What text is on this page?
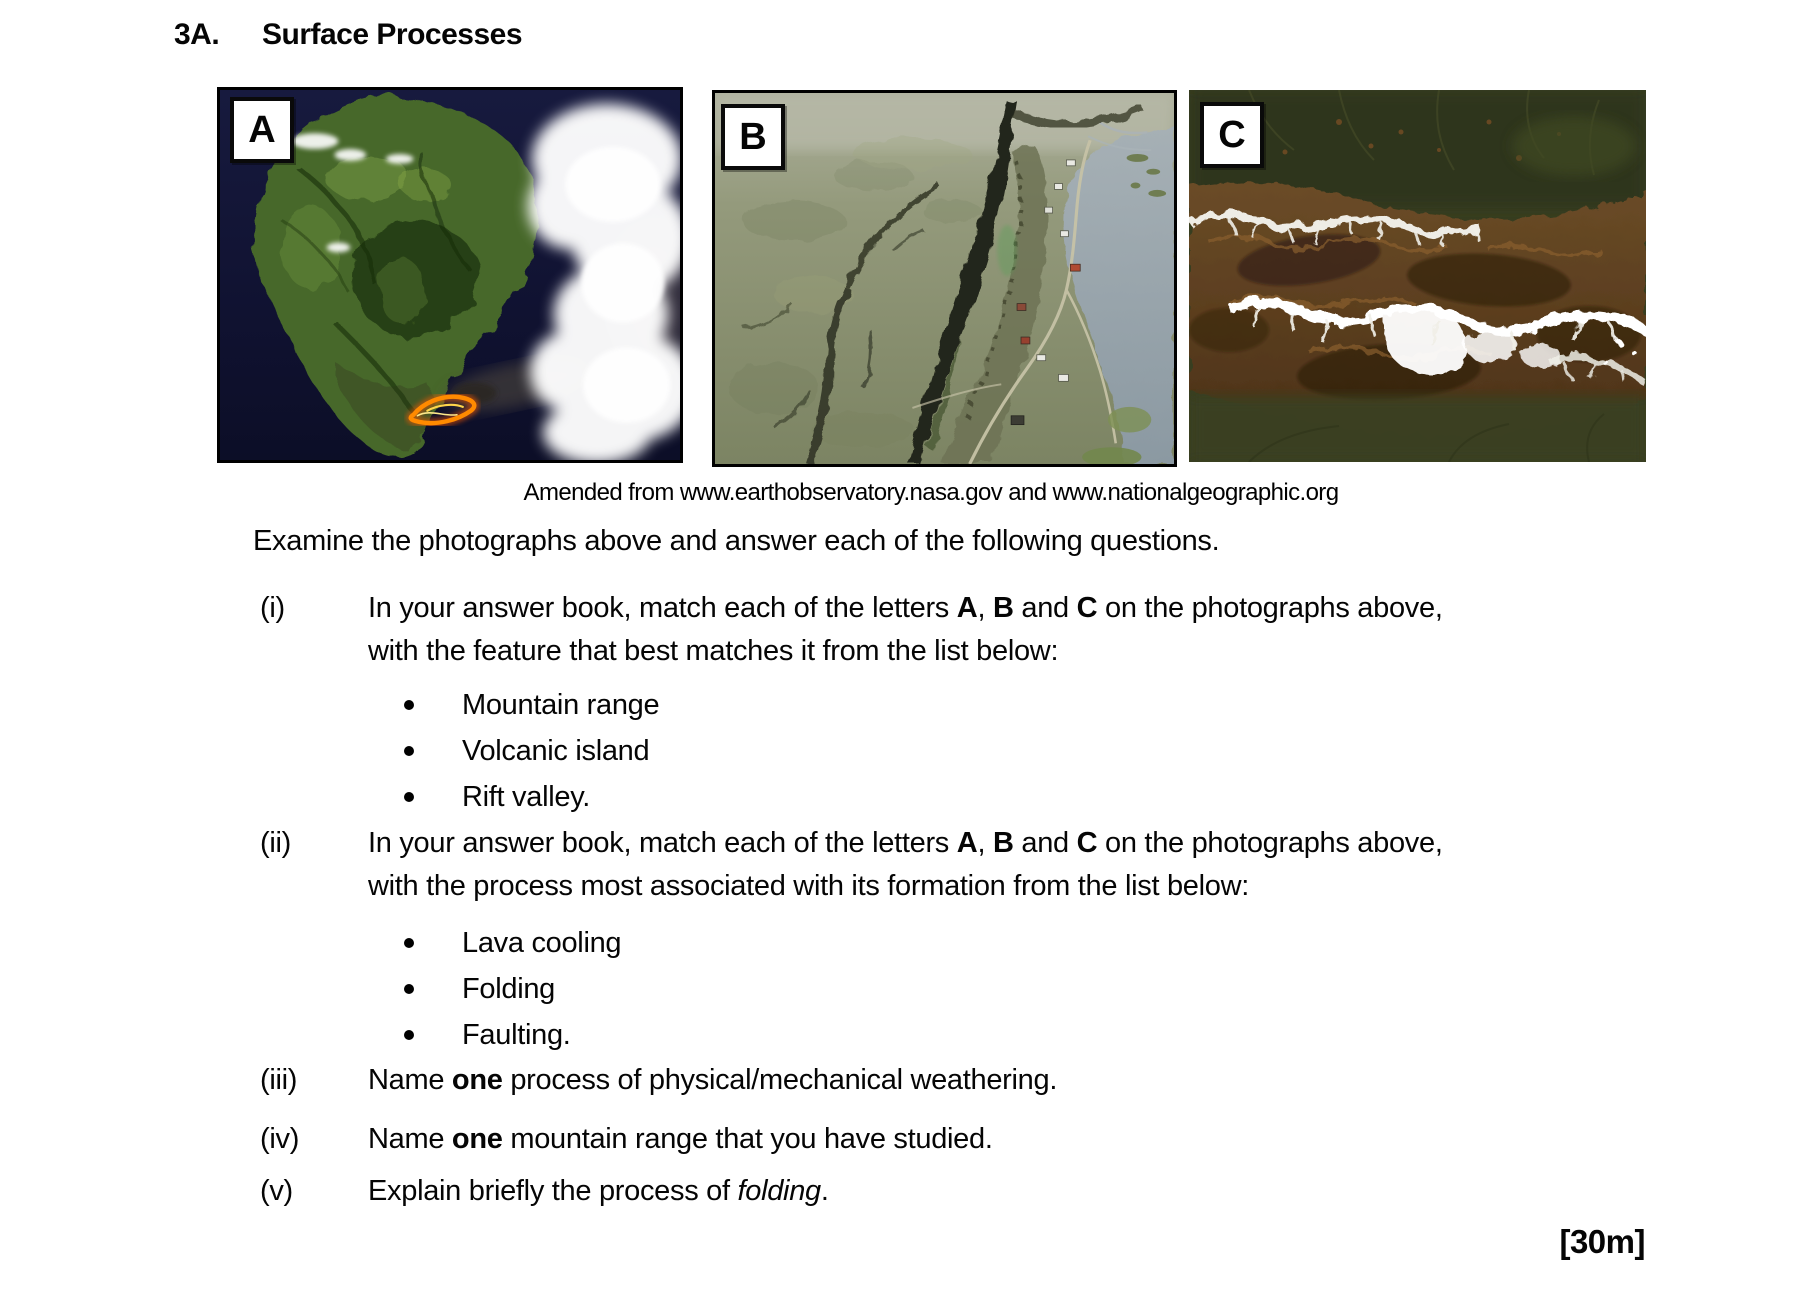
3A. Surface Processes
A	B	C
Amended from www.earthobservatory.nasa.gov and www.nationalgeographic.org
Examine the photographs above and answer each of the following questions.
(i)	In your answer book, match each of the letters A, B and C on the photographs above,
with the feature that best matches it from the list below:
Mountain range
Volcanic island
Rift valley.
(ii)	In your answer book, match each of the letters A, B and C on the photographs above,
with the process most associated with its formation from the list below:
Lava cooling
Folding
Faulting.
(iii)	Name one process of physical/mechanical weathering.
(iv)	Name one mountain range that you have studied.
(v)	Explain briefly the process of folding.
[30m]
